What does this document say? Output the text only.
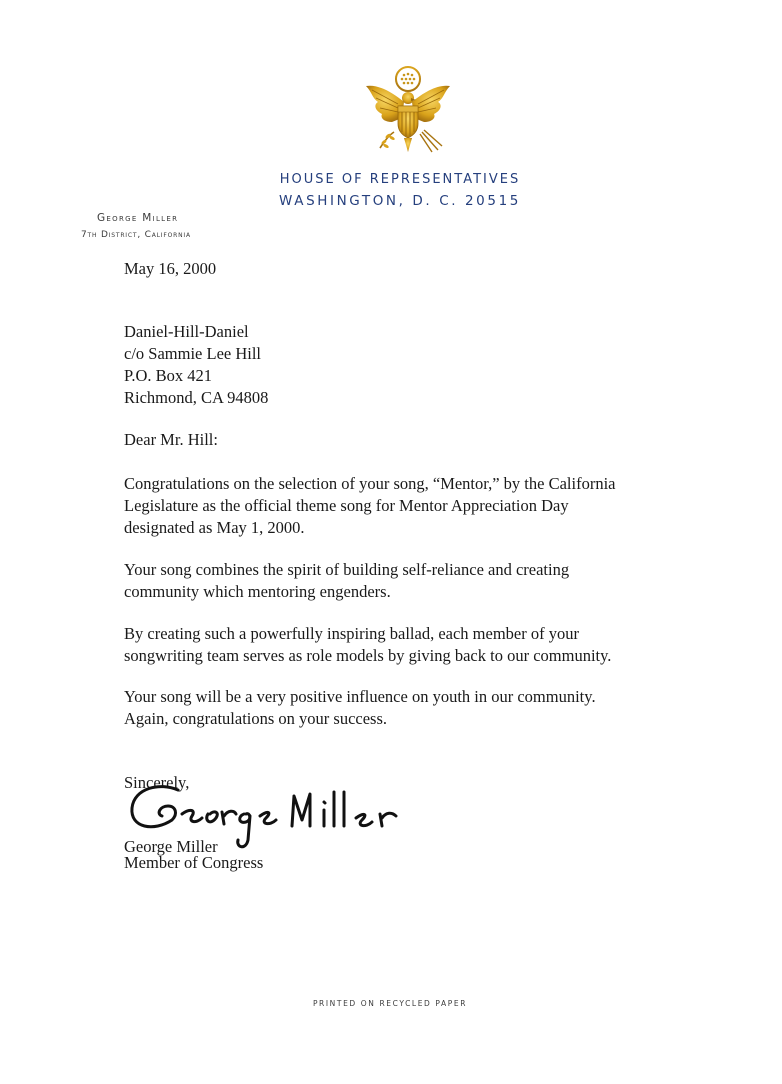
HOUSE OF REPRESENTATIVES
WASHINGTON, D. C. 20515
George Miller
7th District, California
May 16, 2000
Daniel-Hill-Daniel
c/o Sammie Lee Hill
P.O. Box 421
Richmond, CA 94808
Dear Mr. Hill:
Congratulations on the selection of your song, “Mentor,” by the California
Legislature as the official theme song for Mentor Appreciation Day
designated as May 1, 2000.
Your song combines the spirit of building self-reliance and creating
community which mentoring engenders.
By creating such a powerfully inspiring ballad, each member of your
songwriting team serves as role models by giving back to our community.
Your song will be a very positive influence on youth in our community.
Again, congratulations on your success.
Sincerely,
George Miller
Member of Congress
PRINTED ON RECYCLED PAPER
